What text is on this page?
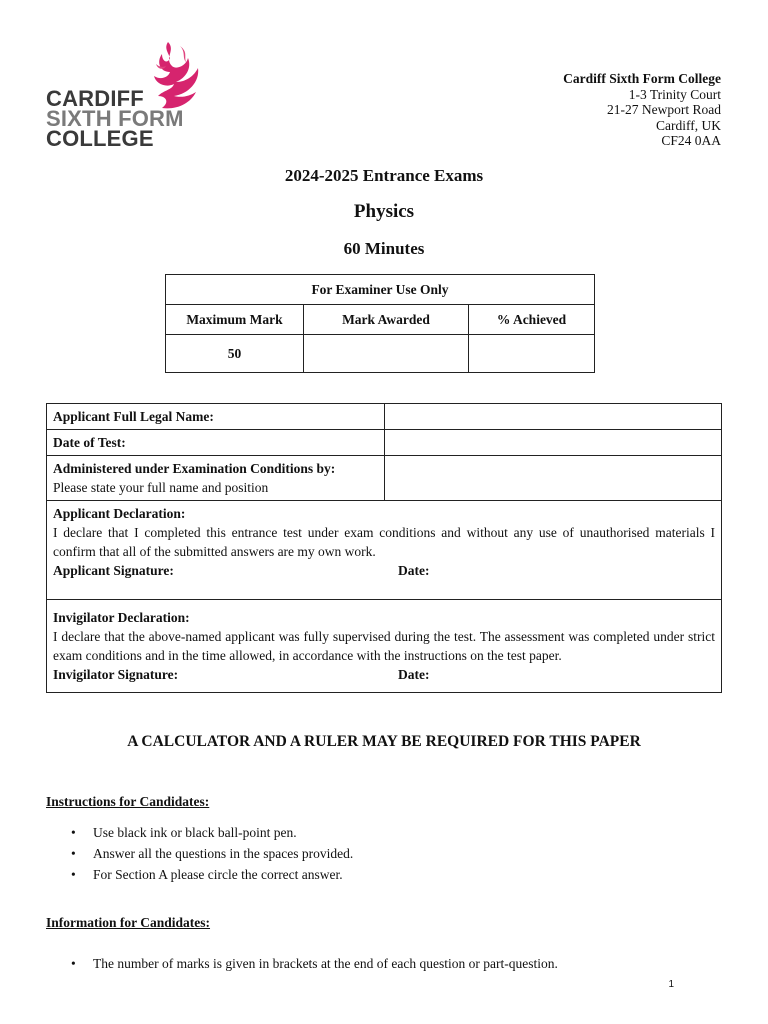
CARDIFF
SIXTH FORM
COLLEGE
Cardiff Sixth Form College
1-3 Trinity Court
21-27 Newport Road
Cardiff, UK
CF24 0AA
2024-2025 Entrance Exams
Physics
60 Minutes
For Examiner Use Only		
Maximum Mark	Mark Awarded	% Achieved
50		
Applicant Full Legal Name:	
Date of Test:	

Administered under Examination Conditions by:
Please state your full name and position	

Applicant Declaration:
I declare that I completed this entrance test under exam conditions and without any use of unauthorised materials I confirm that all of the submitted answers are my own work.
Applicant Signature: Date:	

Invigilator Declaration:
I declare that the above-named applicant was fully supervised during the test. The assessment was completed under strict exam conditions and in the time allowed, in accordance with the instructions on the test paper.
Invigilator Signature: Date:	
A CALCULATOR AND A RULER MAY BE REQUIRED FOR THIS PAPER
Instructions for Candidates:
• Use black ink or black ball-point pen.
• Answer all the questions in the spaces provided.
• For Section A please circle the correct answer.
Information for Candidates:
• The number of marks is given in brackets at the end of each question or part-question.
1
